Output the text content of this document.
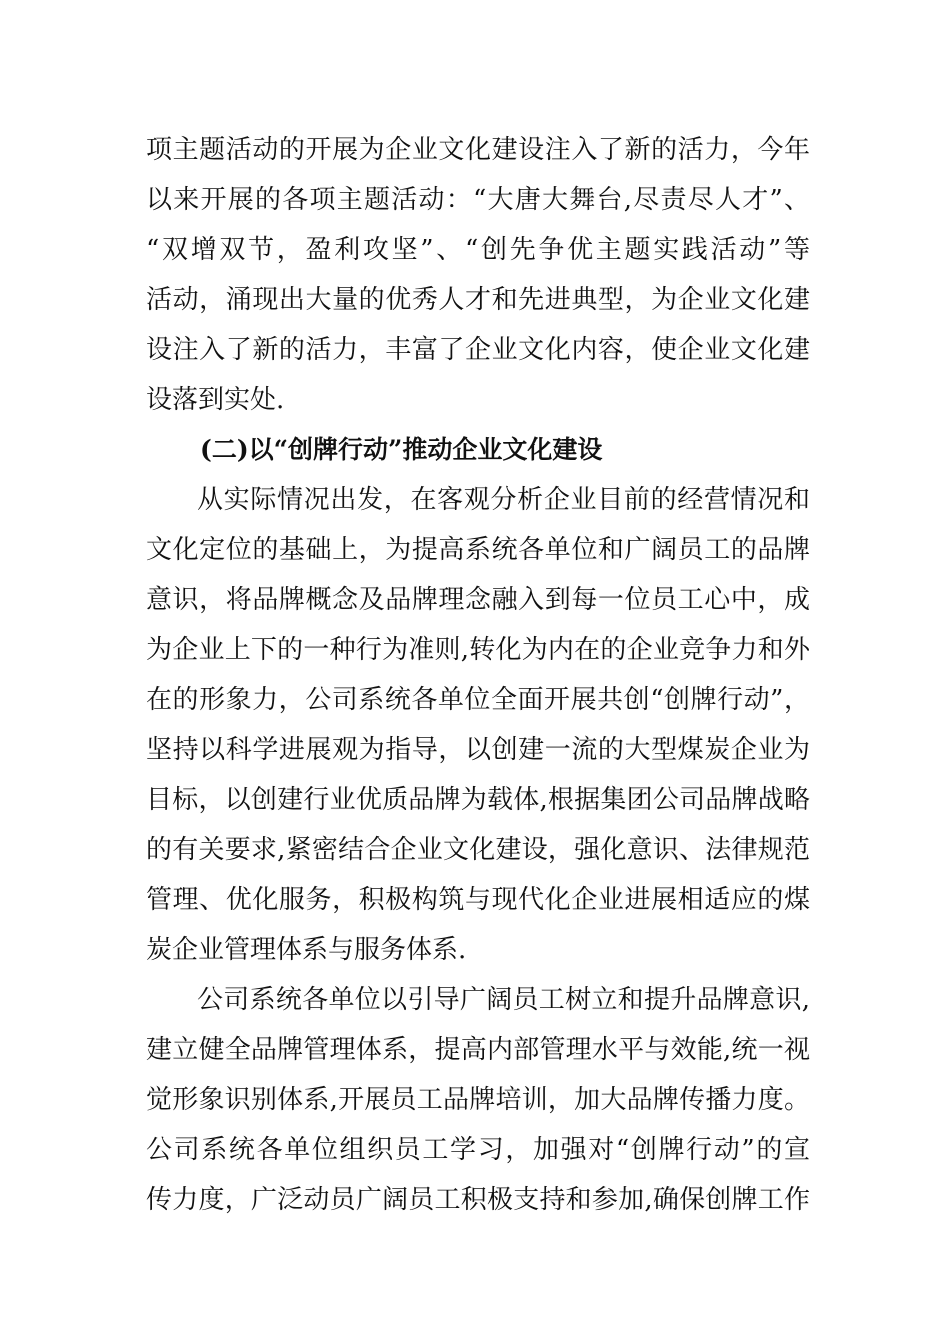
项主题活动的开展为企业文化建设注入了新的活力，今年
以来开展的各项主题活动：“大唐大舞台,尽责尽人才”、
“双增双节，盈利攻坚”、“创先争优主题实践活动”等
活动，涌现出大量的优秀人才和先进典型，为企业文化建
设注入了新的活力，丰富了企业文化内容，使企业文化建
设落到实处.
(二)以“创牌行动”推动企业文化建设
从实际情况出发，在客观分析企业目前的经营情况和
文化定位的基础上，为提高系统各单位和广阔员工的品牌
意识，将品牌概念及品牌理念融入到每一位员工心中，成
为企业上下的一种行为准则,转化为内在的企业竞争力和外
在的形象力，公司系统各单位全面开展共创“创牌行动”，
坚持以科学进展观为指导，以创建一流的大型煤炭企业为
目标，以创建行业优质品牌为载体,根据集团公司品牌战略
的有关要求,紧密结合企业文化建设，强化意识、法律规范
管理、优化服务，积极构筑与现代化企业进展相适应的煤
炭企业管理体系与服务体系.
公司系统各单位以引导广阔员工树立和提升品牌意识,
建立健全品牌管理体系，提高内部管理水平与效能,统一视
觉形象识别体系,开展员工品牌培训，加大品牌传播力度。
公司系统各单位组织员工学习，加强对“创牌行动”的宣
传力度，广泛动员广阔员工积极支持和参加,确保创牌工作
